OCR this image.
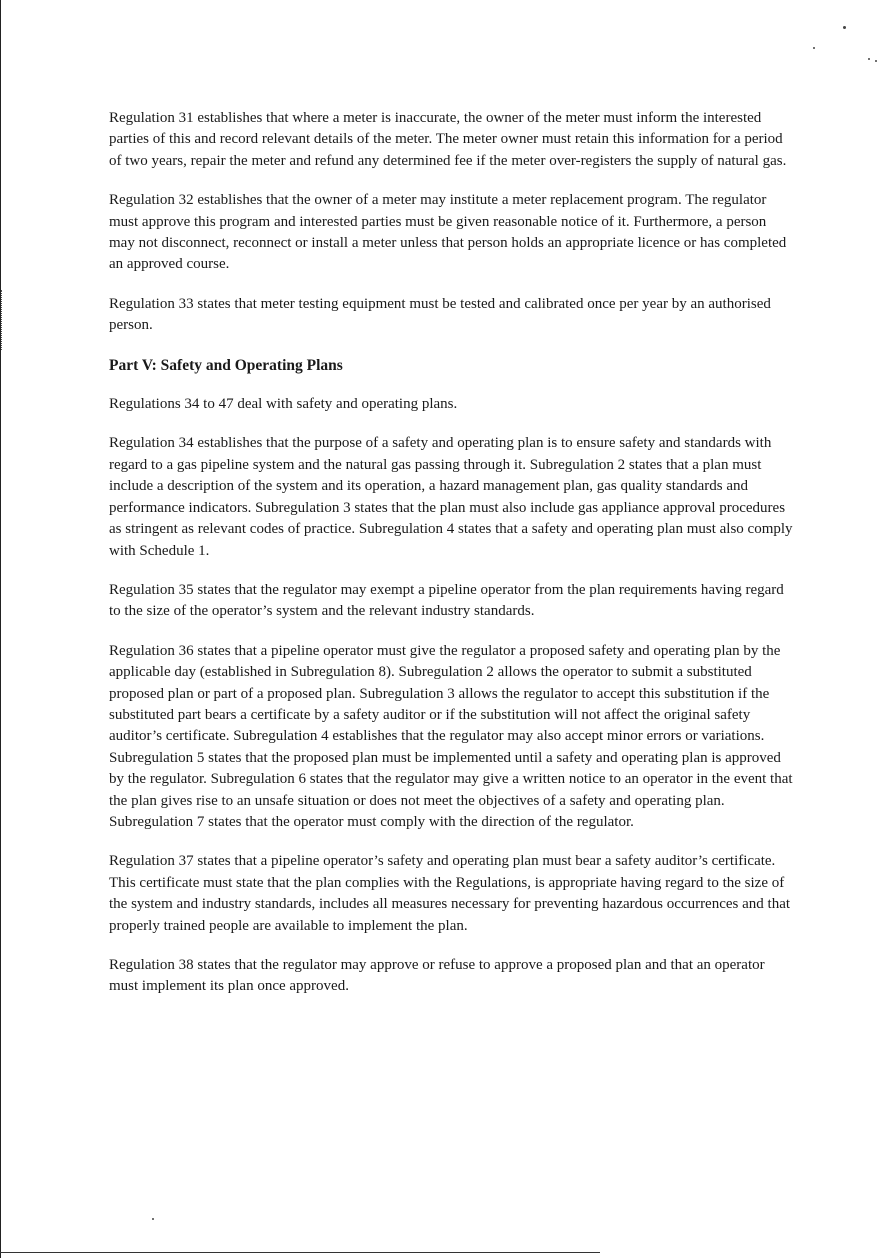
Regulation 31 establishes that where a meter is inaccurate, the owner of the meter must inform the interested parties of this and record relevant details of the meter. The meter owner must retain this information for a period of two years, repair the meter and refund any determined fee if the meter over-registers the supply of natural gas.

Regulation 32 establishes that the owner of a meter may institute a meter replacement program. The regulator must approve this program and interested parties must be given reasonable notice of it. Furthermore, a person may not disconnect, reconnect or install a meter unless that person holds an appropriate licence or has completed an approved course.

Regulation 33 states that meter testing equipment must be tested and calibrated once per year by an authorised person.

Part V: Safety and Operating Plans

Regulations 34 to 47 deal with safety and operating plans.

Regulation 34 establishes that the purpose of a safety and operating plan is to ensure safety and standards with regard to a gas pipeline system and the natural gas passing through it. Subregulation 2 states that a plan must include a description of the system and its operation, a hazard management plan, gas quality standards and performance indicators. Subregulation 3 states that the plan must also include gas appliance approval procedures as stringent as relevant codes of practice. Subregulation 4 states that a safety and operating plan must also comply with Schedule 1.

Regulation 35 states that the regulator may exempt a pipeline operator from the plan requirements having regard to the size of the operator’s system and the relevant industry standards.

Regulation 36 states that a pipeline operator must give the regulator a proposed safety and operating plan by the applicable day (established in Subregulation 8). Subregulation 2 allows the operator to submit a substituted proposed plan or part of a proposed plan. Subregulation 3 allows the regulator to accept this substitution if the substituted part bears a certificate by a safety auditor or if the substitution will not affect the original safety auditor’s certificate. Subregulation 4 establishes that the regulator may also accept minor errors or variations. Subregulation 5 states that the proposed plan must be implemented until a safety and operating plan is approved by the regulator. Subregulation 6 states that the regulator may give a written notice to an operator in the event that the plan gives rise to an unsafe situation or does not meet the objectives of a safety and operating plan. Subregulation 7 states that the operator must comply with the direction of the regulator.

Regulation 37 states that a pipeline operator’s safety and operating plan must bear a safety auditor’s certificate. This certificate must state that the plan complies with the Regulations, is appropriate having regard to the size of the system and industry standards, includes all measures necessary for preventing hazardous occurrences and that properly trained people are available to implement the plan.

Regulation 38 states that the regulator may approve or refuse to approve a proposed plan and that an operator must implement its plan once approved.
